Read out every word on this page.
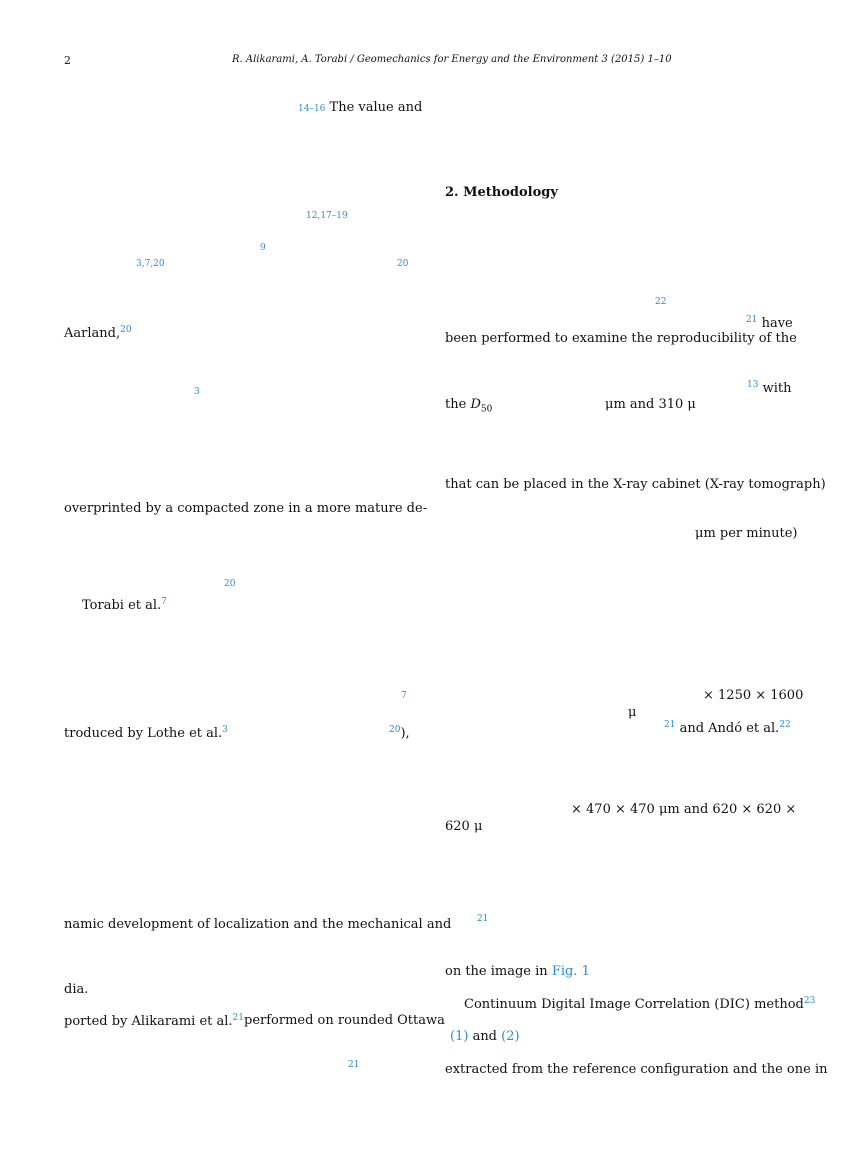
2	R. Alikarami, A. Torabi / Geomechanics for Energy and the Environment 3 (2015) 1–10
14–16 The value and
12,17–19
9
3,7,20	20
Aarland,$^{20}$
3
overprinted by a compacted zone in a more mature de-
20
Torabi et al.$^7$
7
troduced by Lothe et al.$^3$	$^{20}$),
namic development of localization and the mechanical and
dia.
ported by Alikarami et al.$^{21}$ performed on rounded Ottawa
21
2. Methodology
22
$^{21}$ have
been performed to examine the reproducibility of the
$^{13}$ with
the $D_{50}$	μm and 310 μ
that can be placed in the X-ray cabinet (X-ray tomograph)
μm per minute)
× 1250 × 1600
μ
$^{21}$ and Andó et al.$^{22}$
× 470 × 470 μm and 620 × 620 ×
620 μ
21
on the image in Fig. 1
Continuum Digital Image Correlation (DIC) method$^{23}$
(1) and (2)
extracted from the reference configuration and the one in
